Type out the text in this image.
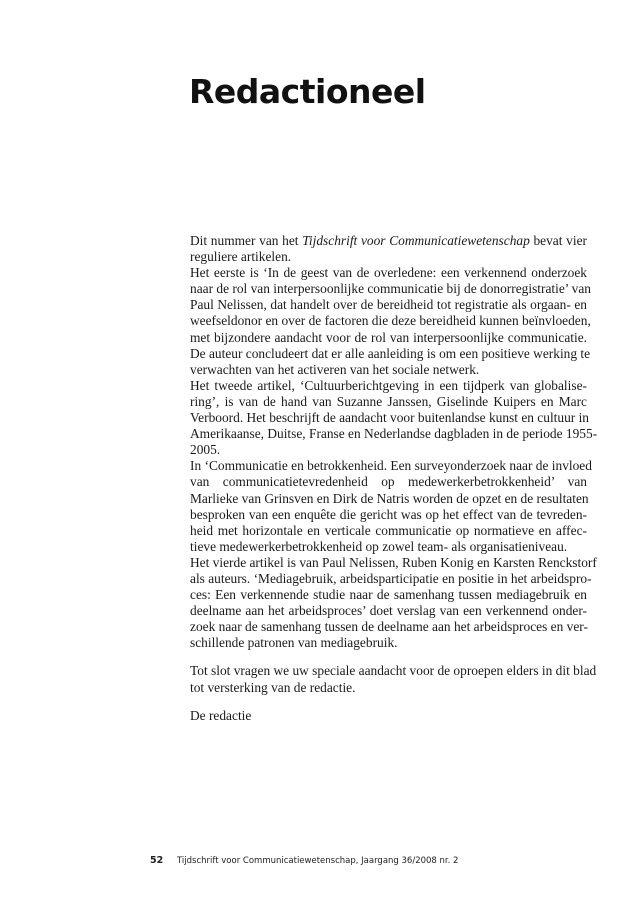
Redactioneel
Dit nummer van het Tijdschrift voor Communicatiewetenschap bevat vier
reguliere artikelen.
Het eerste is ‘In de geest van de overledene: een verkennend onderzoek
naar de rol van interpersoonlijke communicatie bij de donorregistratie’ van
Paul Nelissen, dat handelt over de bereidheid tot registratie als orgaan- en
weefseldonor en over de factoren die deze bereidheid kunnen beïnvloeden,
met bijzondere aandacht voor de rol van interpersoonlijke communicatie.
De auteur concludeert dat er alle aanleiding is om een positieve werking te
verwachten van het activeren van het sociale netwerk.
Het tweede artikel, ‘Cultuurberichtgeving in een tijdperk van globalise-
ring’, is van de hand van Suzanne Janssen, Giselinde Kuipers en Marc
Verboord. Het beschrijft de aandacht voor buitenlandse kunst en cultuur in
Amerikaanse, Duitse, Franse en Nederlandse dagbladen in de periode 1955-
2005.
In ‘Communicatie en betrokkenheid. Een surveyonderzoek naar de invloed
van communicatietevredenheid op medewerkerbetrokkenheid’ van
Marlieke van Grinsven en Dirk de Natris worden de opzet en de resultaten
besproken van een enquête die gericht was op het effect van de tevreden-
heid met horizontale en verticale communicatie op normatieve en affec-
tieve medewerkerbetrokkenheid op zowel team- als organisatieniveau.
Het vierde artikel is van Paul Nelissen, Ruben Konig en Karsten Renckstorf
als auteurs. ‘Mediagebruik, arbeidsparticipatie en positie in het arbeidspro-
ces: Een verkennende studie naar de samenhang tussen mediagebruik en
deelname aan het arbeidsproces’ doet verslag van een verkennend onder-
zoek naar de samenhang tussen de deelname aan het arbeidsproces en ver-
schillende patronen van mediagebruik.
Tot slot vragen we uw speciale aandacht voor de oproepen elders in dit blad
tot versterking van de redactie.
De redactie
52 Tijdschrift voor Communicatiewetenschap, Jaargang 36/2008 nr. 2
